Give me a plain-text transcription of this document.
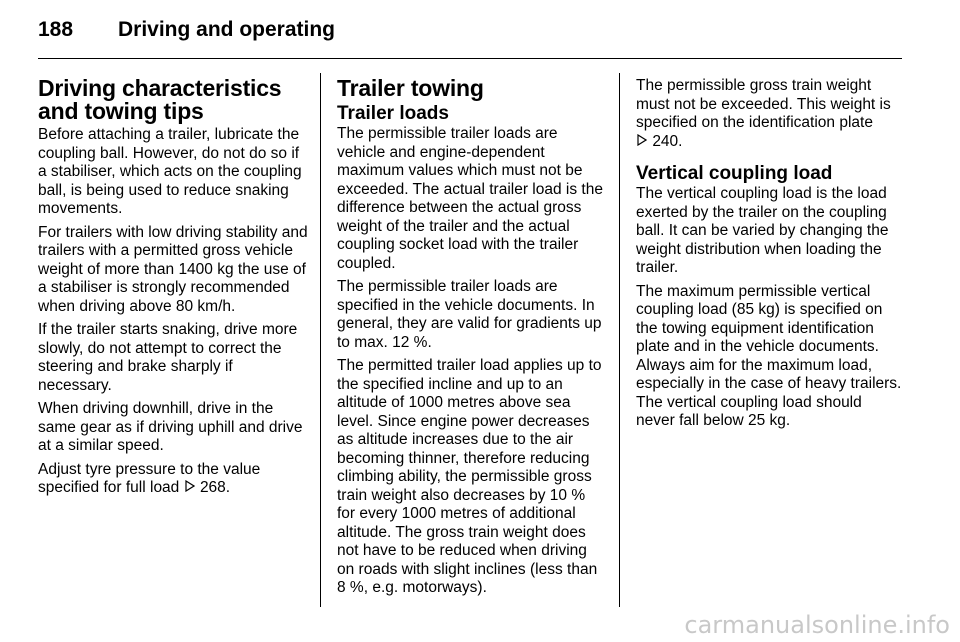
188 Driving and operating
Driving characteristics and towing tips

Before attaching a trailer, lubricate the coupling ball. However, do not do so if a stabiliser, which acts on the coupling ball, is being used to reduce snaking movements.

For trailers with low driving stability and trailers with a permitted gross vehicle weight of more than 1400 kg the use of a stabiliser is strongly recommended when driving above 80 km/h.

If the trailer starts snaking, drive more slowly, do not attempt to correct the steering and brake sharply if necessary.

When driving downhill, drive in the same gear as if driving uphill and drive at a similar speed.

Adjust tyre pressure to the value specified for full load 268.

Trailer towing
Trailer loads

The permissible trailer loads are vehicle and engine-dependent maximum values which must not be exceeded. The actual trailer load is the difference between the actual gross weight of the trailer and the actual coupling socket load with the trailer coupled.

The permissible trailer loads are specified in the vehicle documents. In general, they are valid for gradients up to max. 12 %.

The permitted trailer load applies up to the specified incline and up to an altitude of 1000 metres above sea level. Since engine power decreases as altitude increases due to the air becoming thinner, therefore reducing climbing ability, the permissible gross train weight also decreases by 10 % for every 1000 metres of additional altitude. The gross train weight does not have to be reduced when driving on roads with slight inclines (less than 8 %, e.g. motorways).

The permissible gross train weight must not be exceeded. This weight is specified on the identification plate
240.

Vertical coupling load

The vertical coupling load is the load exerted by the trailer on the coupling ball. It can be varied by changing the weight distribution when loading the trailer.

The maximum permissible vertical coupling load (85 kg) is specified on the towing equipment identification plate and in the vehicle documents. Always aim for the maximum load, especially in the case of heavy trailers. The vertical coupling load should never fall below 25 kg.

carmanualsonline.info
